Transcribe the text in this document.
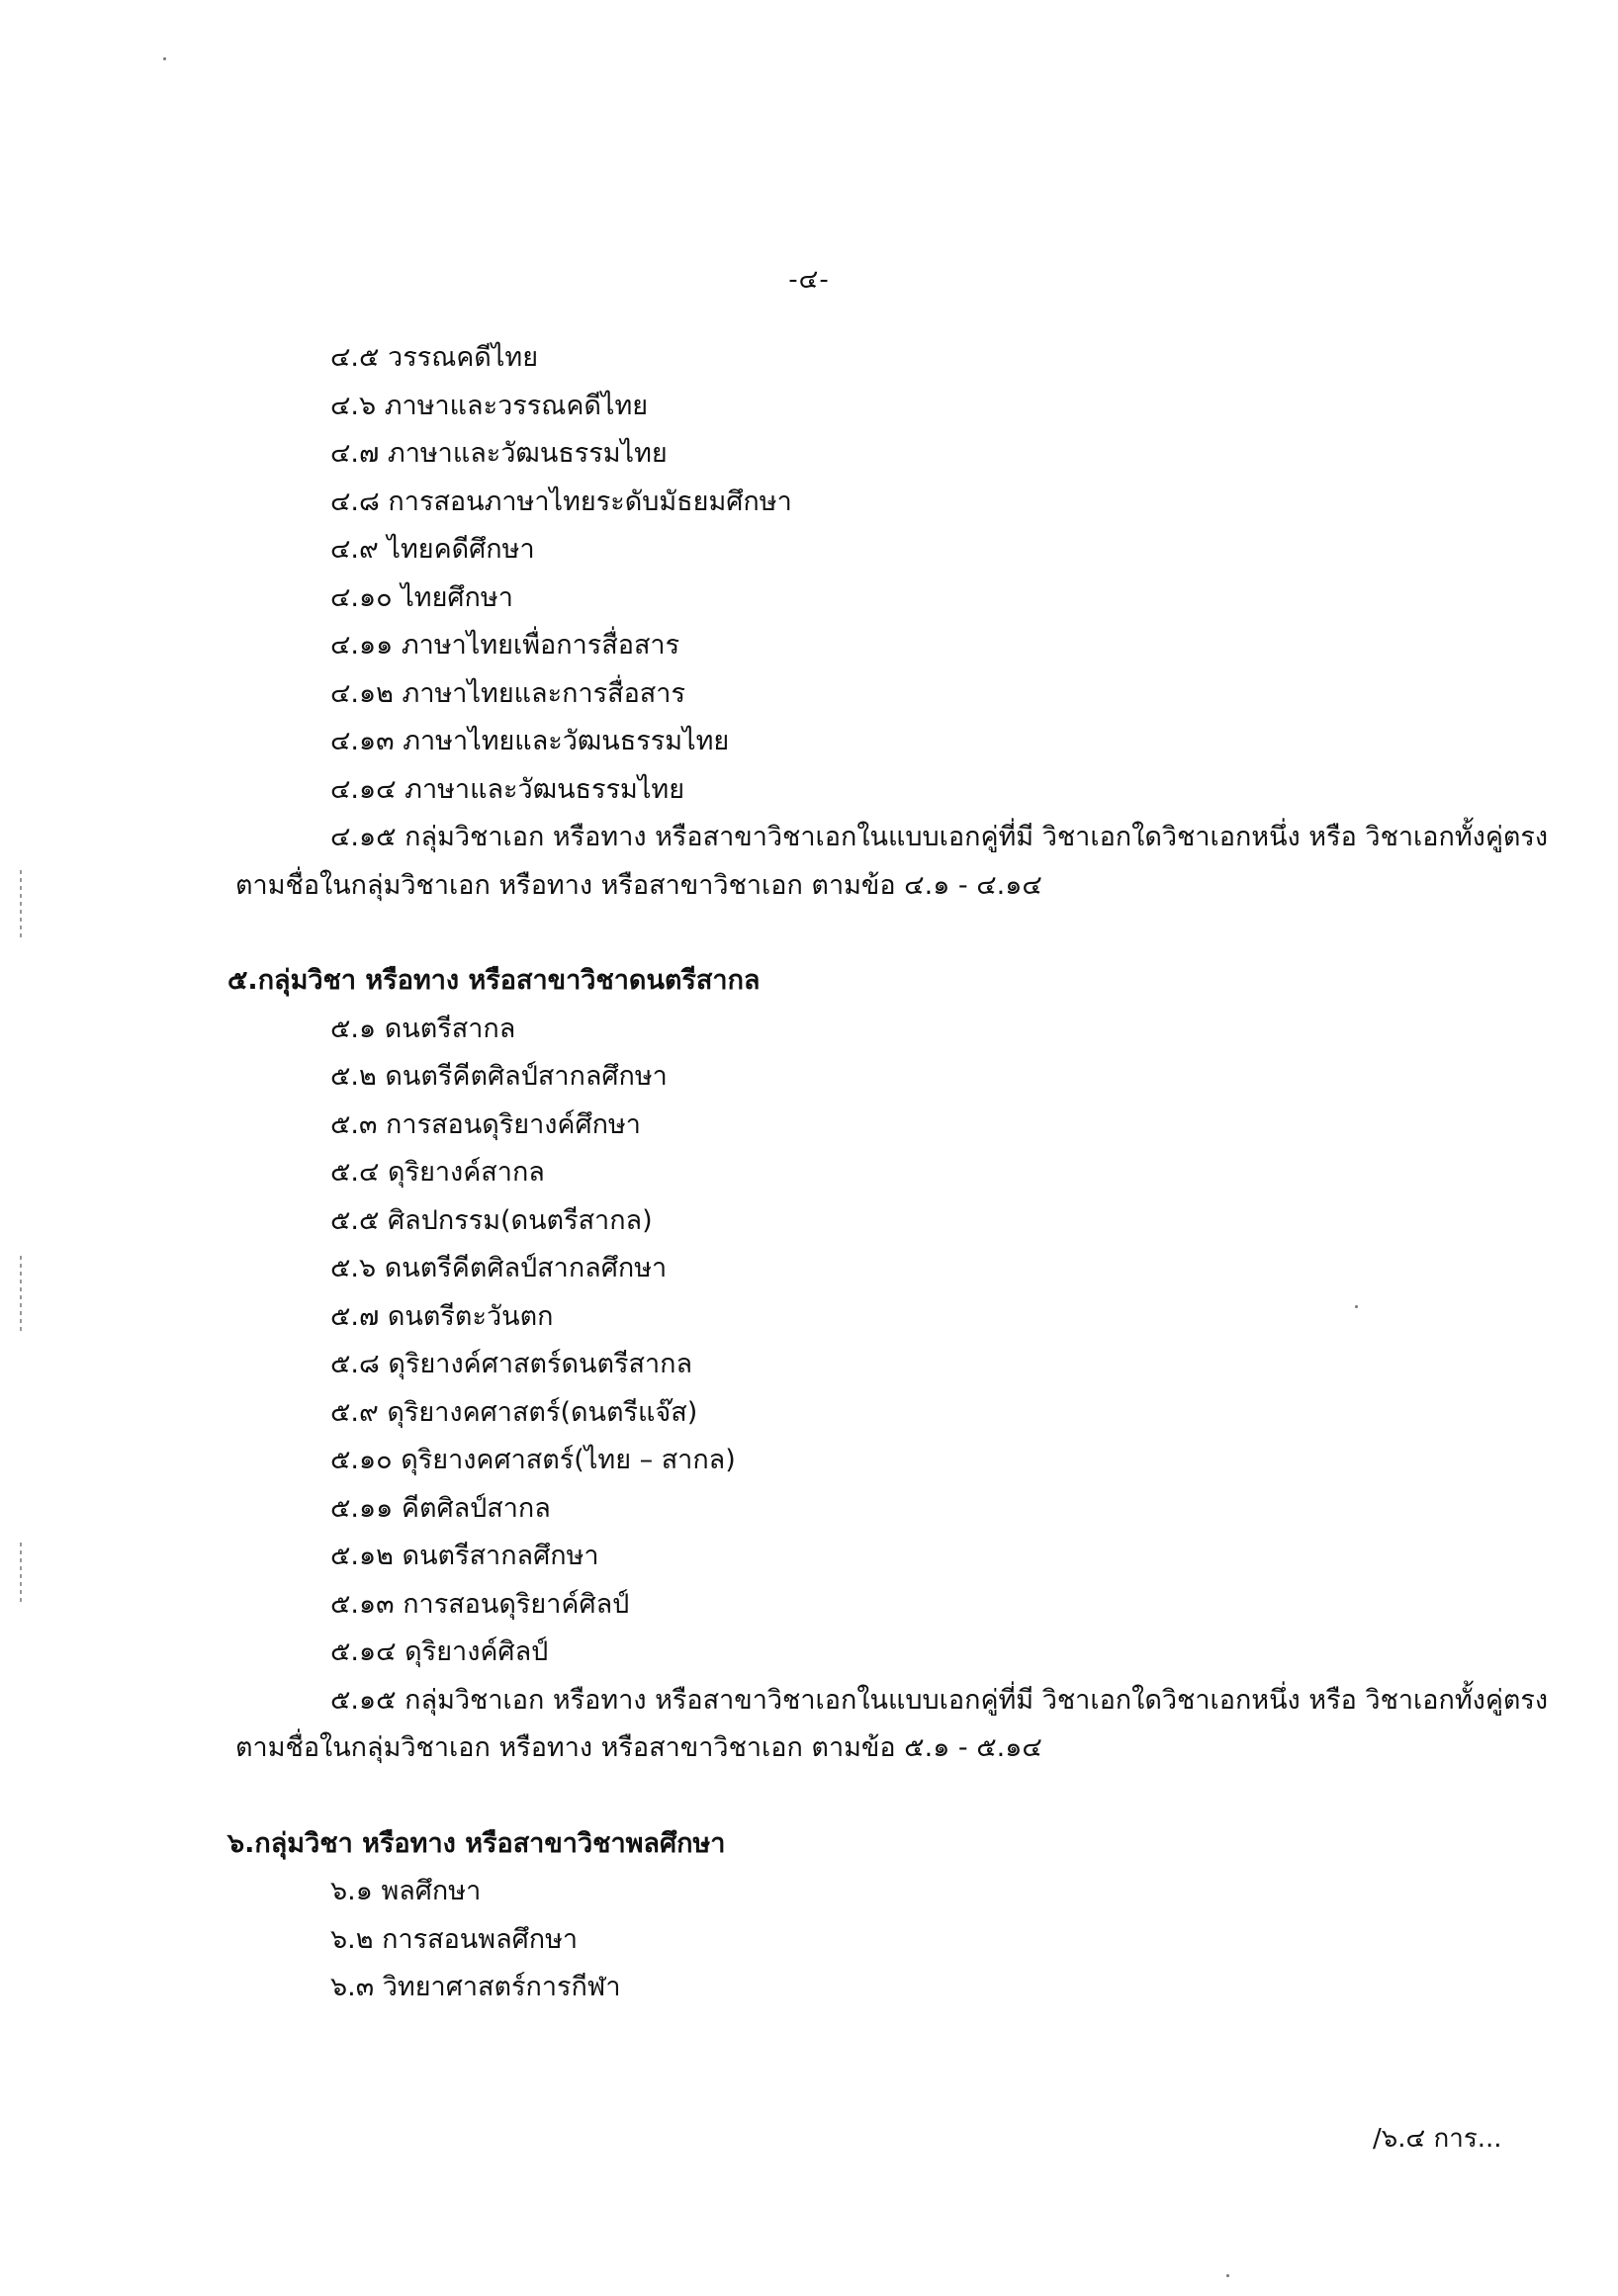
-๔-
๔.๕ วรรณคดีไทย
๔.๖ ภาษาและวรรณคดีไทย
๔.๗ ภาษาและวัฒนธรรมไทย
๔.๘ การสอนภาษาไทยระดับมัธยมศึกษา
๔.๙ ไทยคดีศึกษา
๔.๑๐ ไทยศึกษา
๔.๑๑ ภาษาไทยเพื่อการสื่อสาร
๔.๑๒ ภาษาไทยและการสื่อสาร
๔.๑๓ ภาษาไทยและวัฒนธรรมไทย
๔.๑๔ ภาษาและวัฒนธรรมไทย
๔.๑๕ กลุ่มวิชาเอก หรือทาง หรือสาขาวิชาเอกในแบบเอกคู่ที่มี วิชาเอกใดวิชาเอกหนึ่ง หรือ วิชาเอกทั้งคู่ตรง
ตามชื่อในกลุ่มวิชาเอก หรือทาง หรือสาขาวิชาเอก ตามข้อ ๔.๑ - ๔.๑๔
๕.กลุ่มวิชา หรือทาง หรือสาขาวิชาดนตรีสากล
๕.๑ ดนตรีสากล
๕.๒ ดนตรีคีตศิลป์สากลศึกษา
๕.๓ การสอนดุริยางค์ศึกษา
๕.๔ ดุริยางค์สากล
๕.๕ ศิลปกรรม(ดนตรีสากล)
๕.๖ ดนตรีคีตศิลป์สากลศึกษา
๕.๗ ดนตรีตะวันตก
๕.๘ ดุริยางค์ศาสตร์ดนตรีสากล
๕.๙ ดุริยางคศาสตร์(ดนตรีแจ๊ส)
๕.๑๐ ดุริยางคศาสตร์(ไทย – สากล)
๕.๑๑ คีตศิลป์สากล
๕.๑๒ ดนตรีสากลศึกษา
๕.๑๓ การสอนดุริยาค์ศิลป์
๕.๑๔ ดุริยางค์ศิลป์
๕.๑๕ กลุ่มวิชาเอก หรือทาง หรือสาขาวิชาเอกในแบบเอกคู่ที่มี วิชาเอกใดวิชาเอกหนึ่ง หรือ วิชาเอกทั้งคู่ตรง
ตามชื่อในกลุ่มวิชาเอก หรือทาง หรือสาขาวิชาเอก ตามข้อ ๕.๑ - ๕.๑๔
๖.กลุ่มวิชา หรือทาง หรือสาขาวิชาพลศึกษา
๖.๑ พลศึกษา
๖.๒ การสอนพลศึกษา
๖.๓ วิทยาศาสตร์การกีฬา
/๖.๔ การ...
